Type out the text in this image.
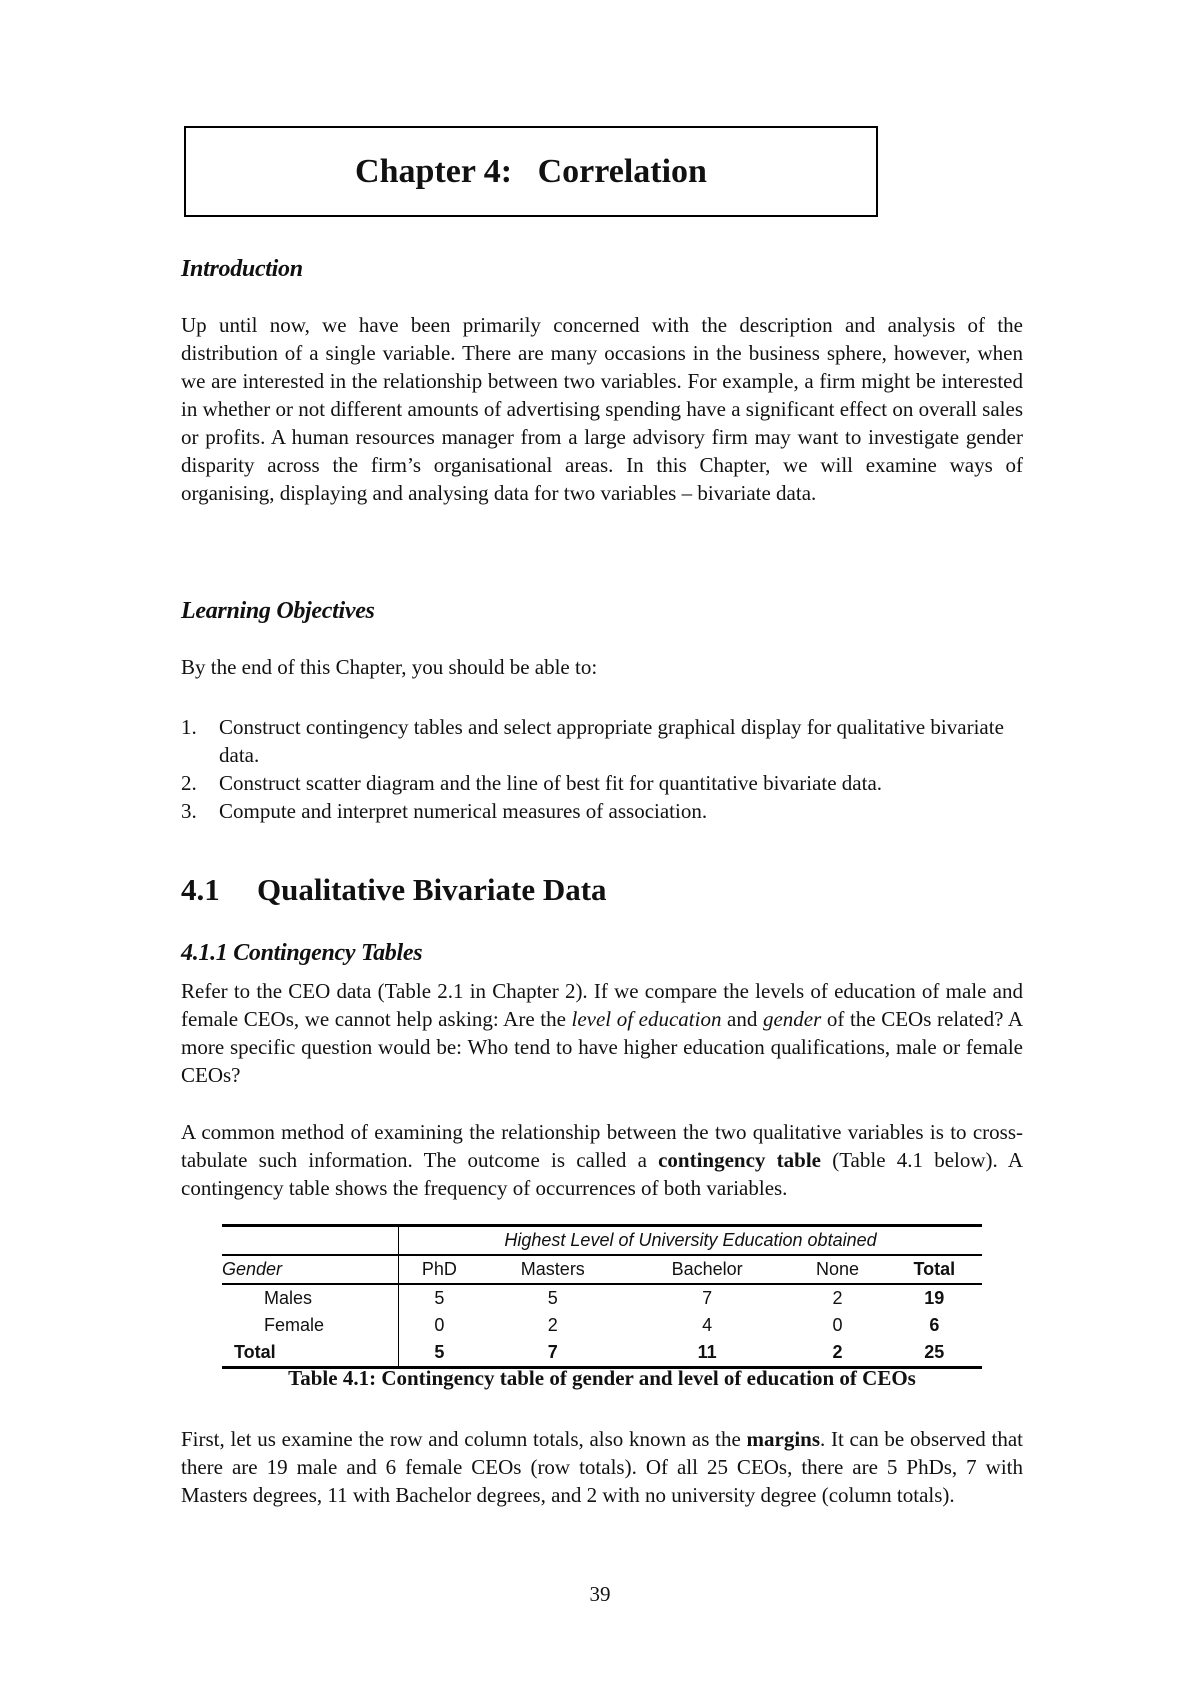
Chapter 4:
Correlation
Introduction
Up until now, we have been primarily concerned with the description and analysis of the distribution of a single variable. There are many occasions in the business sphere, however, when we are interested in the relationship between two variables. For example, a firm might be interested in whether or not different amounts of advertising spending have a significant effect on overall sales or profits. A human resources manager from a large advisory firm may want to investigate gender disparity across the firm’s organisational areas. In this Chapter, we will examine ways of organising, displaying and analysing data for two variables – bivariate data.
Learning Objectives
By the end of this Chapter, you should be able to:
1. Construct contingency tables and select appropriate graphical display for qualitative bivariate data.
2. Construct scatter diagram and the line of best fit for quantitative bivariate data.
3. Compute and interpret numerical measures of association.
4.1	Qualitative Bivariate Data
4.1.1 Contingency Tables
Refer to the CEO data (Table 2.1 in Chapter 2). If we compare the levels of education of male and female CEOs, we cannot help asking: Are the level of education and gender of the CEOs related? A more specific question would be: Who tend to have higher education qualifications, male or female CEOs?
A common method of examining the relationship between the two qualitative variables is to cross-tabulate such information. The outcome is called a contingency table (Table 4.1 below). A contingency table shows the frequency of occurrences of both variables.
	Highest Level of University Education obtained				
Gender	PhD	Masters	Bachelor	None	Total
Males	5	5	7	2	19
Female	0	2	4	0	6
Total	5	7	11	2	25
Table 4.1: Contingency table of gender and level of education of CEOs
First, let us examine the row and column totals, also known as the margins. It can be observed that there are 19 male and 6 female CEOs (row totals). Of all 25 CEOs, there are 5 PhDs, 7 with Masters degrees, 11 with Bachelor degrees, and 2 with no university degree (column totals).
39
